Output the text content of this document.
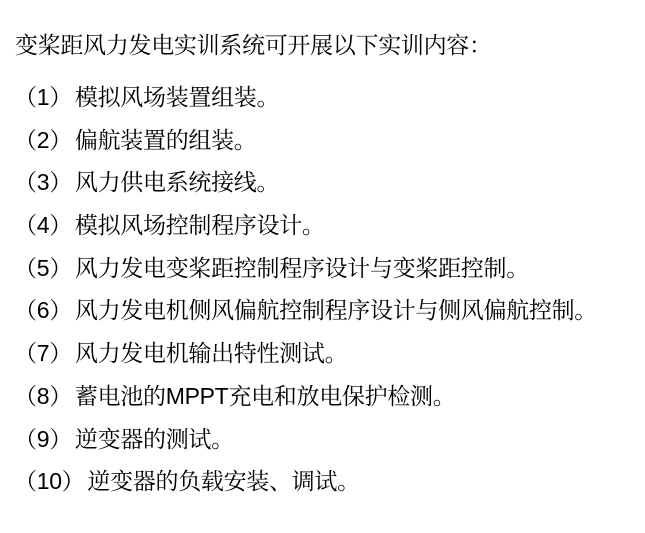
变桨距风力发电实训系统可开展以下实训内容：

（1） 模拟风场装置组装。
（2） 偏航装置的组装。
（3） 风力供电系统接线。
（4） 模拟风场控制程序设计。
（5） 风力发电变桨距控制程序设计与变桨距控制。
（6） 风力发电机侧风偏航控制程序设计与侧风偏航控制。
（7） 风力发电机输出特性测试。
（8） 蓄电池的MPPT充电和放电保护检测。
（9） 逆变器的测试。
（10） 逆变器的负载安装、调试。
